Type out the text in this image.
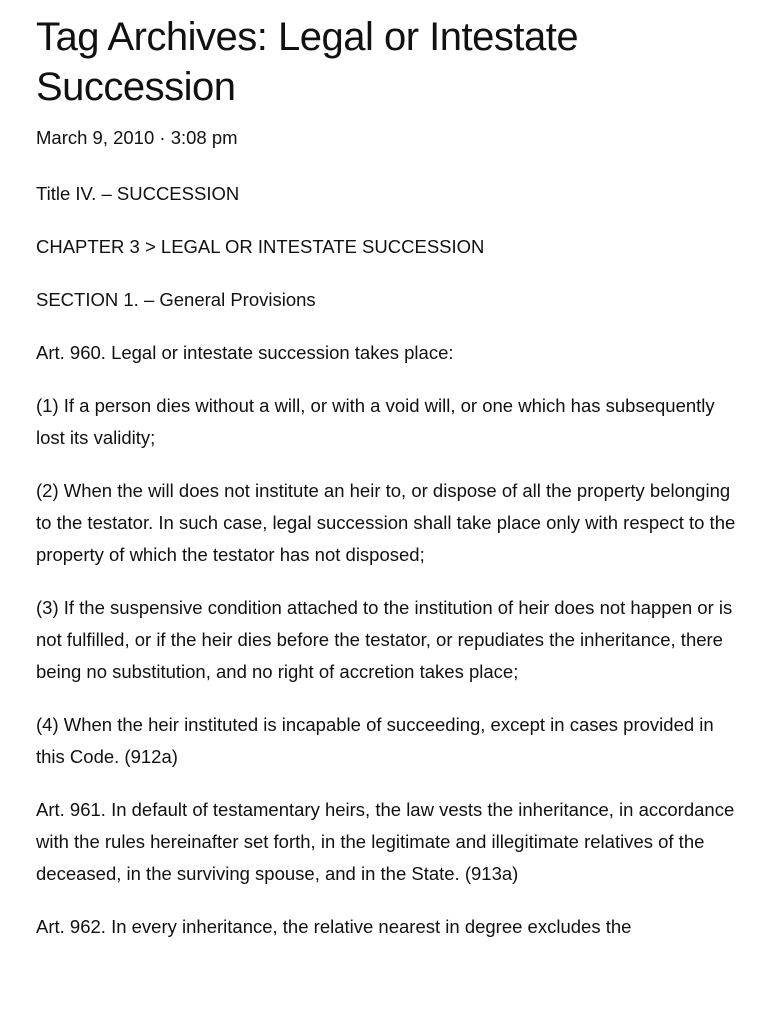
Tag Archives: Legal or Intestate Succession
March 9, 2010 · 3:08 pm

Title IV. – SUCCESSION

CHAPTER 3 > LEGAL OR INTESTATE SUCCESSION

SECTION 1. – General Provisions

Art. 960. Legal or intestate succession takes place:

(1) If a person dies without a will, or with a void will, or one which has subsequently lost its validity;

(2) When the will does not institute an heir to, or dispose of all the property belonging to the testator. In such case, legal succession shall take place only with respect to the property of which the testator has not disposed;

(3) If the suspensive condition attached to the institution of heir does not happen or is not fulfilled, or if the heir dies before the testator, or repudiates the inheritance, there being no substitution, and no right of accretion takes place;

(4) When the heir instituted is incapable of succeeding, except in cases provided in this Code. (912a)

Art. 961. In default of testamentary heirs, the law vests the inheritance, in accordance with the rules hereinafter set forth, in the legitimate and illegitimate relatives of the deceased, in the surviving spouse, and in the State. (913a)

Art. 962. In every inheritance, the relative nearest in degree excludes the
